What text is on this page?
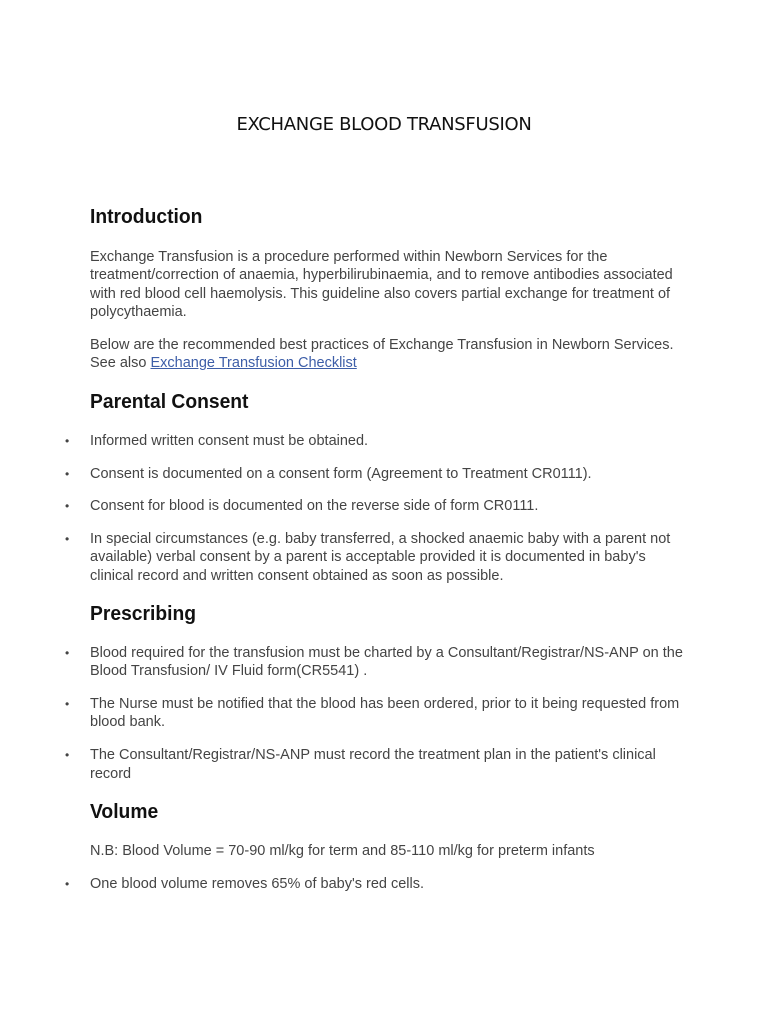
EXCHANGE BLOOD TRANSFUSION
Introduction

Exchange Transfusion is a procedure performed within Newborn Services for the treatment/correction of anaemia, hyperbilirubinaemia, and to remove antibodies associated with red blood cell haemolysis. This guideline also covers partial exchange for treatment of polycythaemia.

Below are the recommended best practices of Exchange Transfusion in Newborn Services. See also Exchange Transfusion Checklist

Parental Consent
• Informed written consent must be obtained.
• Consent is documented on a consent form (Agreement to Treatment CR0111).
• Consent for blood is documented on the reverse side of form CR0111.
• In special circumstances (e.g. baby transferred, a shocked anaemic baby with a parent not available) verbal consent by a parent is acceptable provided it is documented in baby's clinical record and written consent obtained as soon as possible.
Prescribing
• Blood required for the transfusion must be charted by a Consultant/Registrar/NS-ANP on the Blood Transfusion/ IV Fluid form(CR5541) .
• The Nurse must be notified that the blood has been ordered, prior to it being requested from blood bank.
• The Consultant/Registrar/NS-ANP must record the treatment plan in the patient's clinical record
Volume

N.B: Blood Volume = 70-90 ml/kg for term and 85-110 ml/kg for preterm infants

• One blood volume removes 65% of baby's red cells.
